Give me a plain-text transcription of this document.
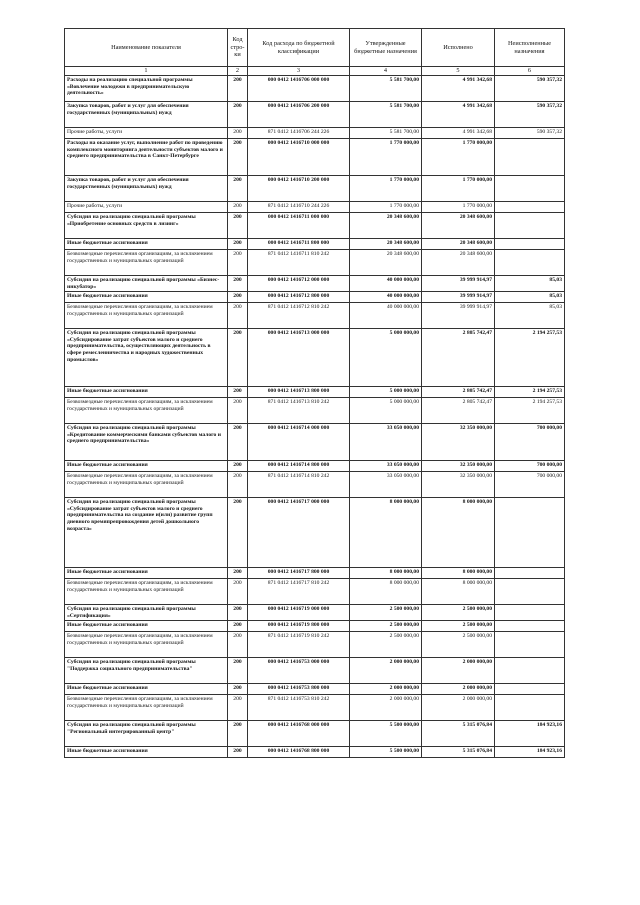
Наименование показателя	Код стро-ки	Код расхода по бюджетной классификации	Утвержденные бюджетные назначения	Исполнено	Неисполненные назначения
1	2	3	4	5	6
Расходы на реализацию специальной программы «Вовлечение молодежи в предпринимательскую деятельность»	200	000 0412 1416706 000 000	5 581 700,00	4 991 342,68	590 357,32
Закупка товаров, работ и услуг для обеспечения государственных (муниципальных) нужд	200	000 0412 1416706 200 000	5 581 700,00	4 991 342,68	590 357,32
Прочие работы, услуги	200	871 0412 1416706 244 226	5 581 700,00	4 991 342,68	590 357,32
Расходы на оказание услуг, выполнение работ по проведению комплексного мониторинга деятельности субъектов малого и среднего предпринимательства в Санкт-Петербурге	200	000 0412 1416710 000 000	1 770 000,00	1 770 000,00	
Закупка товаров, работ и услуг для обеспечения государственных (муниципальных) нужд	200	000 0412 1416710 200 000	1 770 000,00	1 770 000,00	
Прочие работы, услуги	200	871 0412 1416710 244 226	1 770 000,00	1 770 000,00	
Субсидия на реализацию специальной программы «Приобретение основных средств в лизинг»	200	000 0412 1416711 000 000	20 348 600,00	20 348 600,00	
Иные бюджетные ассигнования	200	000 0412 1416711 800 000	20 348 600,00	20 348 600,00	
Безвозмездные перечисления организациям, за исключением государственных и муниципальных организаций	200	871 0412 1416711 810 242	20 348 600,00	20 348 600,00	
Субсидия на реализацию специальной программы «Бизнес-инкубатор»	200	000 0412 1416712 000 000	40 000 000,00	39 999 914,97	85,03
Иные бюджетные ассигнования	200	000 0412 1416712 800 000	40 000 000,00	39 999 914,97	85,03
Безвозмездные перечисления организациям, за исключением государственных и муниципальных организаций	200	871 0412 1416712 810 242	40 000 000,00	39 999 914,97	85,03
Субсидия на реализацию специальной программы «Субсидирование затрат субъектов малого и среднего предпринимательства, осуществляющих деятельность в сфере ремесленничества и народных художественных промыслов»	200	000 0412 1416713 000 000	5 000 000,00	2 805 742,47	2 194 257,53
Иные бюджетные ассигнования	200	000 0412 1416713 800 000	5 000 000,00	2 805 742,47	2 194 257,53
Безвозмездные перечисления организациям, за исключением государственных и муниципальных организаций	200	871 0412 1416713 810 242	5 000 000,00	2 805 742,47	2 194 257,53
Субсидия на реализацию специальной программы «Кредитование коммерческими банками субъектов малого и среднего предпринимательства»	200	000 0412 1416714 000 000	33 050 000,00	32 350 000,00	700 000,00
Иные бюджетные ассигнования	200	000 0412 1416714 800 000	33 050 000,00	32 350 000,00	700 000,00
Безвозмездные перечисления организациям, за исключением государственных и муниципальных организаций	200	871 0412 1416714 810 242	33 050 000,00	32 350 000,00	700 000,00
Субсидия на реализацию специальной программы «Субсидирование затрат субъектов малого и среднего предпринимательства на создание и(или) развитие групп дневного времяпрепровождения детей дошкольного возраста»	200	000 0412 1416717 000 000	8 000 000,00	8 000 000,00	
Иные бюджетные ассигнования	200	000 0412 1416717 800 000	8 000 000,00	8 000 000,00	
Безвозмездные перечисления организациям, за исключением государственных и муниципальных организаций	200	871 0412 1416717 810 242	8 000 000,00	8 000 000,00	
Субсидия на реализацию специальной программы «Сертификация»	200	000 0412 1416719 000 000	2 500 000,00	2 500 000,00	
Иные бюджетные ассигнования	200	000 0412 1416719 800 000	2 500 000,00	2 500 000,00	
Безвозмездные перечисления организациям, за исключением государственных и муниципальных организаций	200	871 0412 1416719 810 242	2 500 000,00	2 500 000,00	
Субсидия на реализацию специальной программы "Поддержка социального предпринимательства"	200	000 0412 1416753 000 000	2 000 000,00	2 000 000,00	
Иные бюджетные ассигнования	200	000 0412 1416753 800 000	2 000 000,00	2 000 000,00	
Безвозмездные перечисления организациям, за исключением государственных и муниципальных организаций	200	871 0412 1416753 810 242	2 000 000,00	2 000 000,00	
Субсидия на реализацию специальной программы "Региональный интегрированный центр"	200	000 0412 1416768 000 000	5 500 000,00	5 315 076,84	184 923,16
Иные бюджетные ассигнования	200	000 0412 1416768 800 000	5 500 000,00	5 315 076,84	184 923,16
